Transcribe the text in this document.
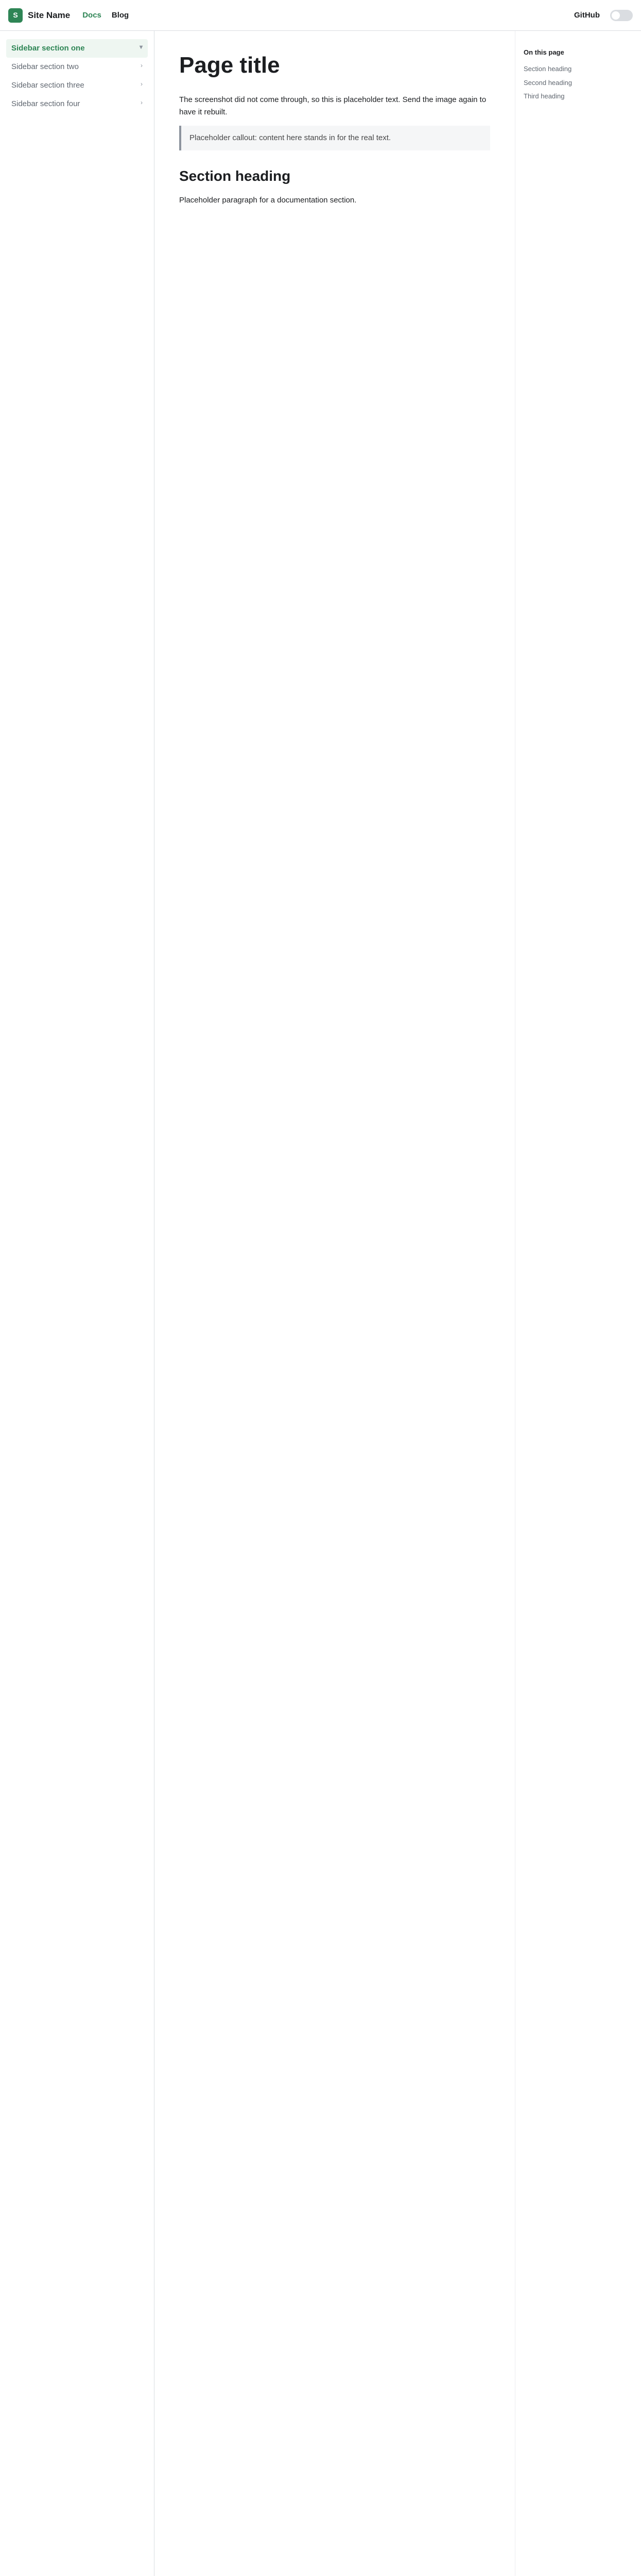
S	Site Name Docs Blog	GitHub
Sidebar section one	▾
Sidebar section two	›
Sidebar section three	›
Sidebar section four	›
Page title

The screenshot did not come through, so this is placeholder text. Send the image again to have it rebuilt.

Placeholder callout: content here stands in for the real text.
Section heading

Placeholder paragraph for a documentation section.

On this page
Section heading
Second heading
Third heading
